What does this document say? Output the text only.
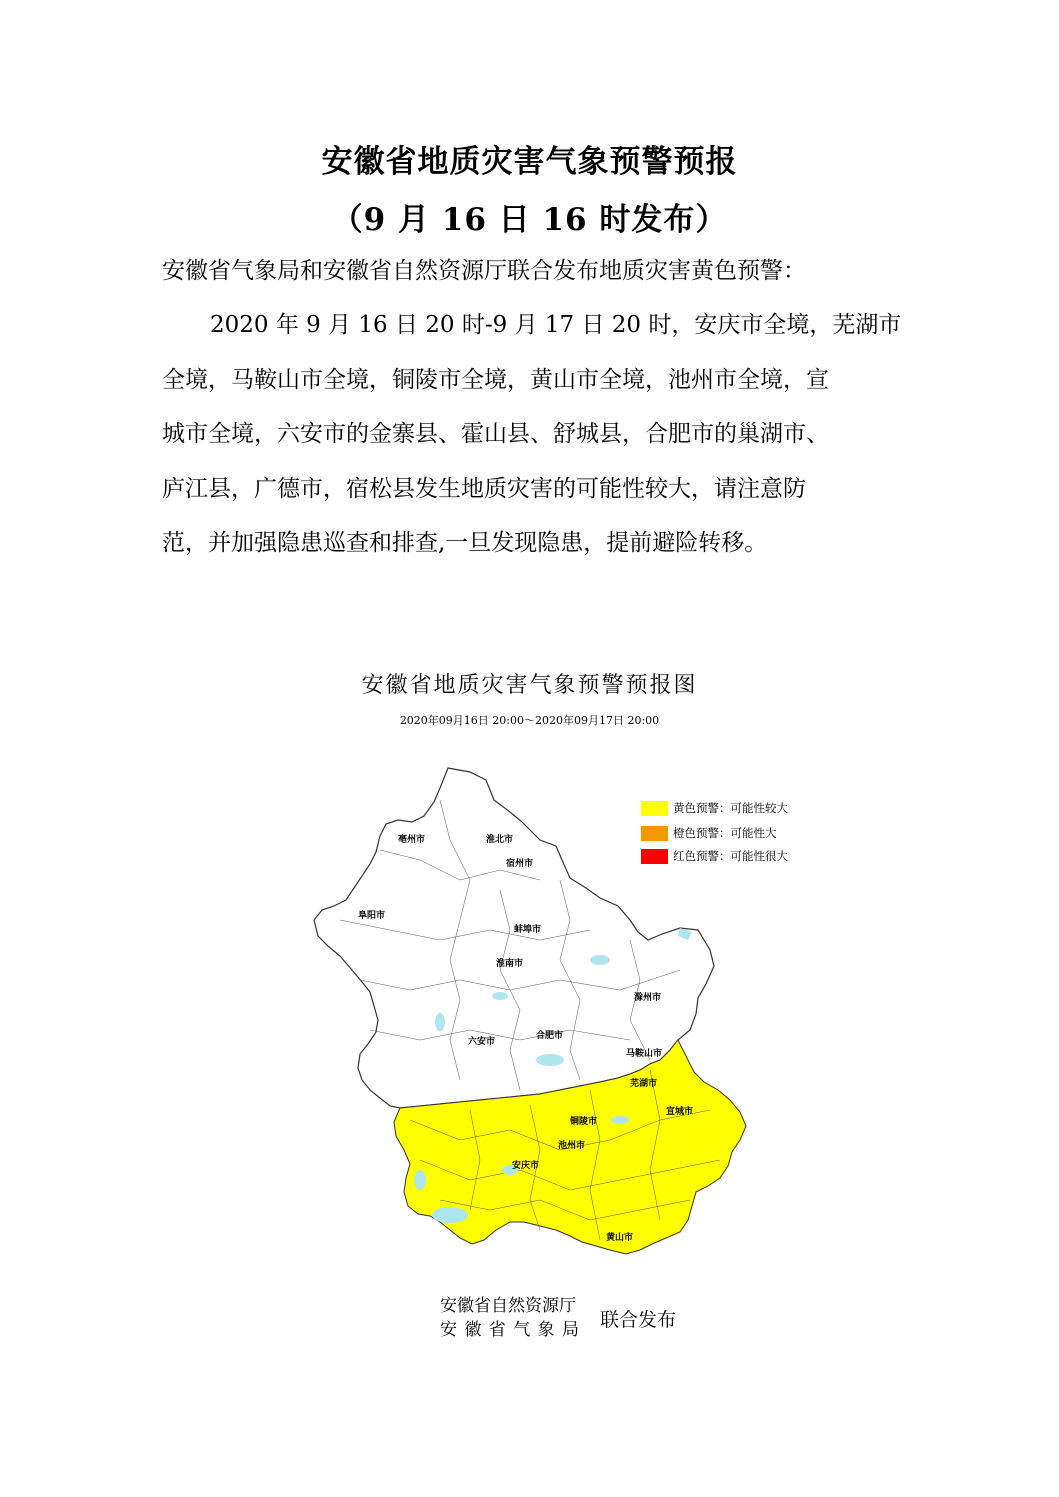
安徽省地质灾害气象预警预报
（9 月 16 日 16 时发布）
安徽省气象局和安徽省自然资源厅联合发布地质灾害黄色预警：
2020 年 9 月 16 日 20 时-9 月 17 日 20 时，安庆市全境，芜湖市
全境，马鞍山市全境，铜陵市全境，黄山市全境，池州市全境，宣
城市全境，六安市的金寨县、霍山县、舒城县，合肥市的巢湖市、
庐江县，广德市，宿松县发生地质灾害的可能性较大，请注意防
范，并加强隐患巡查和排查,一旦发现隐患，提前避险转移。
安徽省地质灾害气象预警预报图
2020年09月16日 20:00～2020年09月17日 20:00
亳州市	淮北市
宿州市
蚌埠市
淮南市
阜阳市
六安市
合肥市
滁州市
马鞍山市
芜湖市
宣城市
铜陵市
池州市
安庆市
黄山市
黄色预警：可能性较大
橙色预警：可能性大
红色预警：可能性很大
安徽省自然资源厅
安徽省气象局 联合发布
